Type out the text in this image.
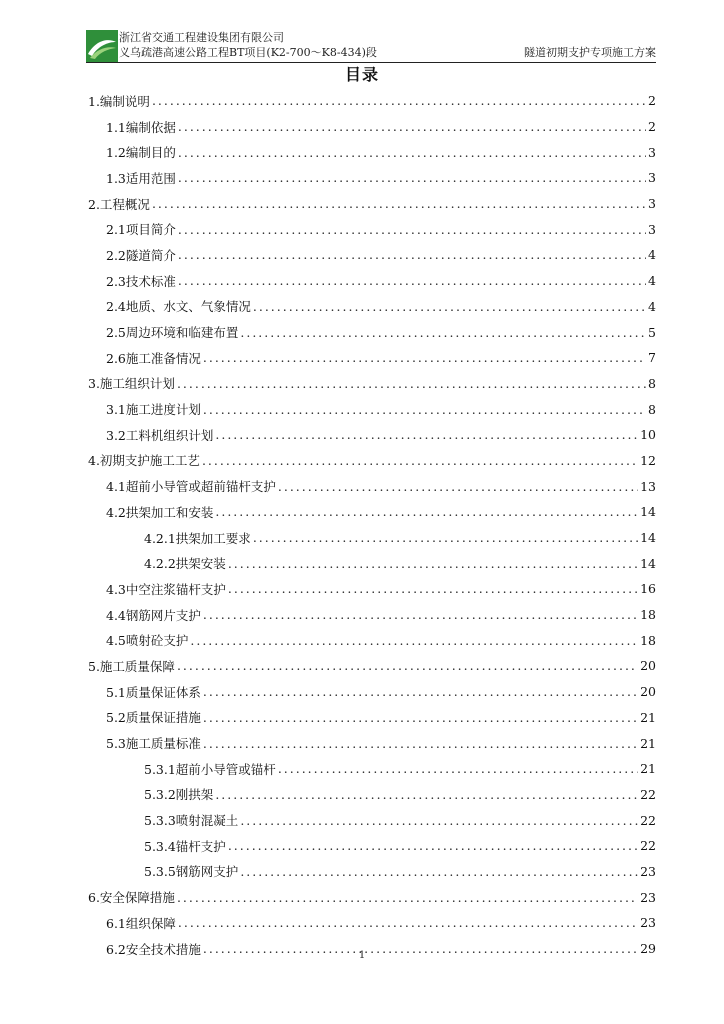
浙江省交通工程建设集团有限公司
义乌疏港高速公路工程BT项目(K2-700～K8-434)段	隧道初期支护专项施工方案
目录
1.编制说明 .....	2
1.1编制依据 .....	2
1.2编制目的 .....	3
1.3适用范围 .....	3
2.工程概况 .....	3
2.1项目简介 .....	3
2.2隧道简介 .....	4
2.3技术标准 .....	4
2.4地质、水文、气象情况 .....	4
2.5周边环境和临建布置 .....	5
2.6施工准备情况 .....	7
3.施工组织计划 .....	8
3.1施工进度计划 .....	8
3.2工料机组织计划 .....	10
4.初期支护施工工艺 .....	12
4.1超前小导管或超前锚杆支护 .....	13
4.2拱架加工和安装 .....	14
4.2.1拱架加工要求 .....	14
4.2.2拱架安装 .....	14
4.3中空注浆锚杆支护 .....	16
4.4钢筋网片支护 .....	18
4.5喷射砼支护 .....	18
5.施工质量保障 .....	20
5.1质量保证体系 .....	20
5.2质量保证措施 .....	21
5.3施工质量标准 .....	21
5.3.1超前小导管或锚杆 .....	21
5.3.2刚拱架 .....	22
5.3.3喷射混凝土 .....	22
5.3.4锚杆支护 .....	22
5.3.5钢筋网支护 .....	23
6.安全保障措施 .....	23
6.1组织保障 .....	23
6.2安全技术措施 .....	29
1
